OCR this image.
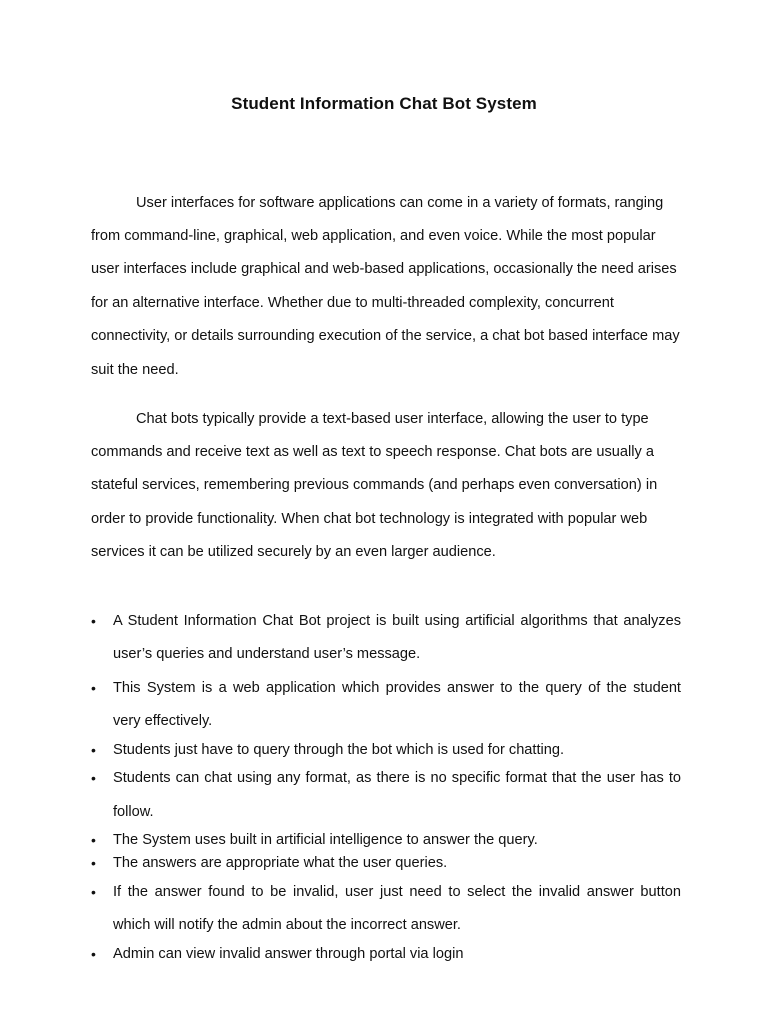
Student Information Chat Bot System

User interfaces for software applications can come in a variety of formats, ranging from command-line, graphical, web application, and even voice. While the most popular user interfaces include graphical and web-based applications, occasionally the need arises for an alternative interface. Whether due to multi-threaded complexity, concurrent connectivity, or details surrounding execution of the service, a chat bot based interface may suit the need.

Chat bots typically provide a text-based user interface, allowing the user to type commands and receive text as well as text to speech response. Chat bots are usually a stateful services, remembering previous commands (and perhaps even conversation) in order to provide functionality. When chat bot technology is integrated with popular web services it can be utilized securely by an even larger audience.

•	A Student Information Chat Bot project is built using artificial algorithms that analyzes user’s queries and understand user’s message.
•	This System is a web application which provides answer to the query of the student very effectively.
•	Students just have to query through the bot which is used for chatting.
•	Students can chat using any format, as there is no specific format that the user has to follow.
•	The System uses built in artificial intelligence to answer the query.
•	The answers are appropriate what the user queries.
•	If the answer found to be invalid, user just need to select the invalid answer button which will notify the admin about the incorrect answer.
•	Admin can view invalid answer through portal via login
